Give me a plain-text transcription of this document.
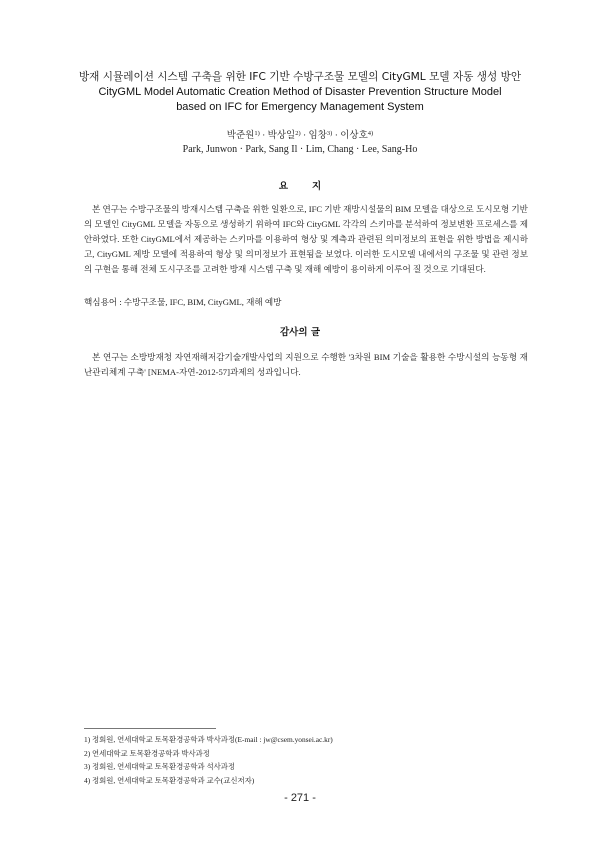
방재 시뮬레이션 시스템 구축을 위한 IFC 기반 수방구조물 모델의 CityGML 모델 자동 생성 방안

CityGML Model Automatic Creation Method of Disaster Prevention Structure Model

based on IFC for Emergency Management System

박준원$^{1)}$ · 박상일$^{2)}$ · 임창$^{3)}$ · 이상호$^{4)}$

Park, Junwon · Park, Sang Il · Lim, Chang · Lee, Sang-Ho

요지

본 연구는 수방구조물의 방재시스템 구축을 위한 일환으로, IFC 기반 재방시설물의 BIM 모델을 대상으로 도시모형 기반의 모델인 CityGML 모델을 자동으로 생성하기 위하여 IFC와 CityGML 각각의 스키마를 분석하여 정보변환 프로세스를 제안하였다. 또한 CityGML에서 제공하는 스키마를 이용하여 형상 및 계측과 관련된 의미정보의 표현을 위한 방법을 제시하고, CityGML 제방 모델에 적용하여 형상 및 의미정보가 표현됨을 보였다. 이러한 도시모델 내에서의 구조물 및 관련 정보의 구현을 통해 전체 도시구조를 고려한 방재 시스템 구축 및 재해 예방이 용이하게 이루어 질 것으로 기대된다.

핵심용어 : 수방구조물, IFC, BIM, CityGML, 재해 예방

감사의 글

본 연구는 소방방재청 자연재해저감기술개발사업의 지원으로 수행한 '3차원 BIM 기술을 활용한 수방시설의 능동형 재난관리체계 구축' [NEMA-자연-2012-57]과제의 성과입니다.

1) 정회원, 연세대학교 토목환경공학과 박사과정(E-mail : jw@csem.yonsei.ac.kr)
2) 연세대학교 토목환경공학과 박사과정
3) 정회원, 연세대학교 토목환경공학과 석사과정
4) 정회원, 연세대학교 토목환경공학과 교수(교신저자)
- 271 -
